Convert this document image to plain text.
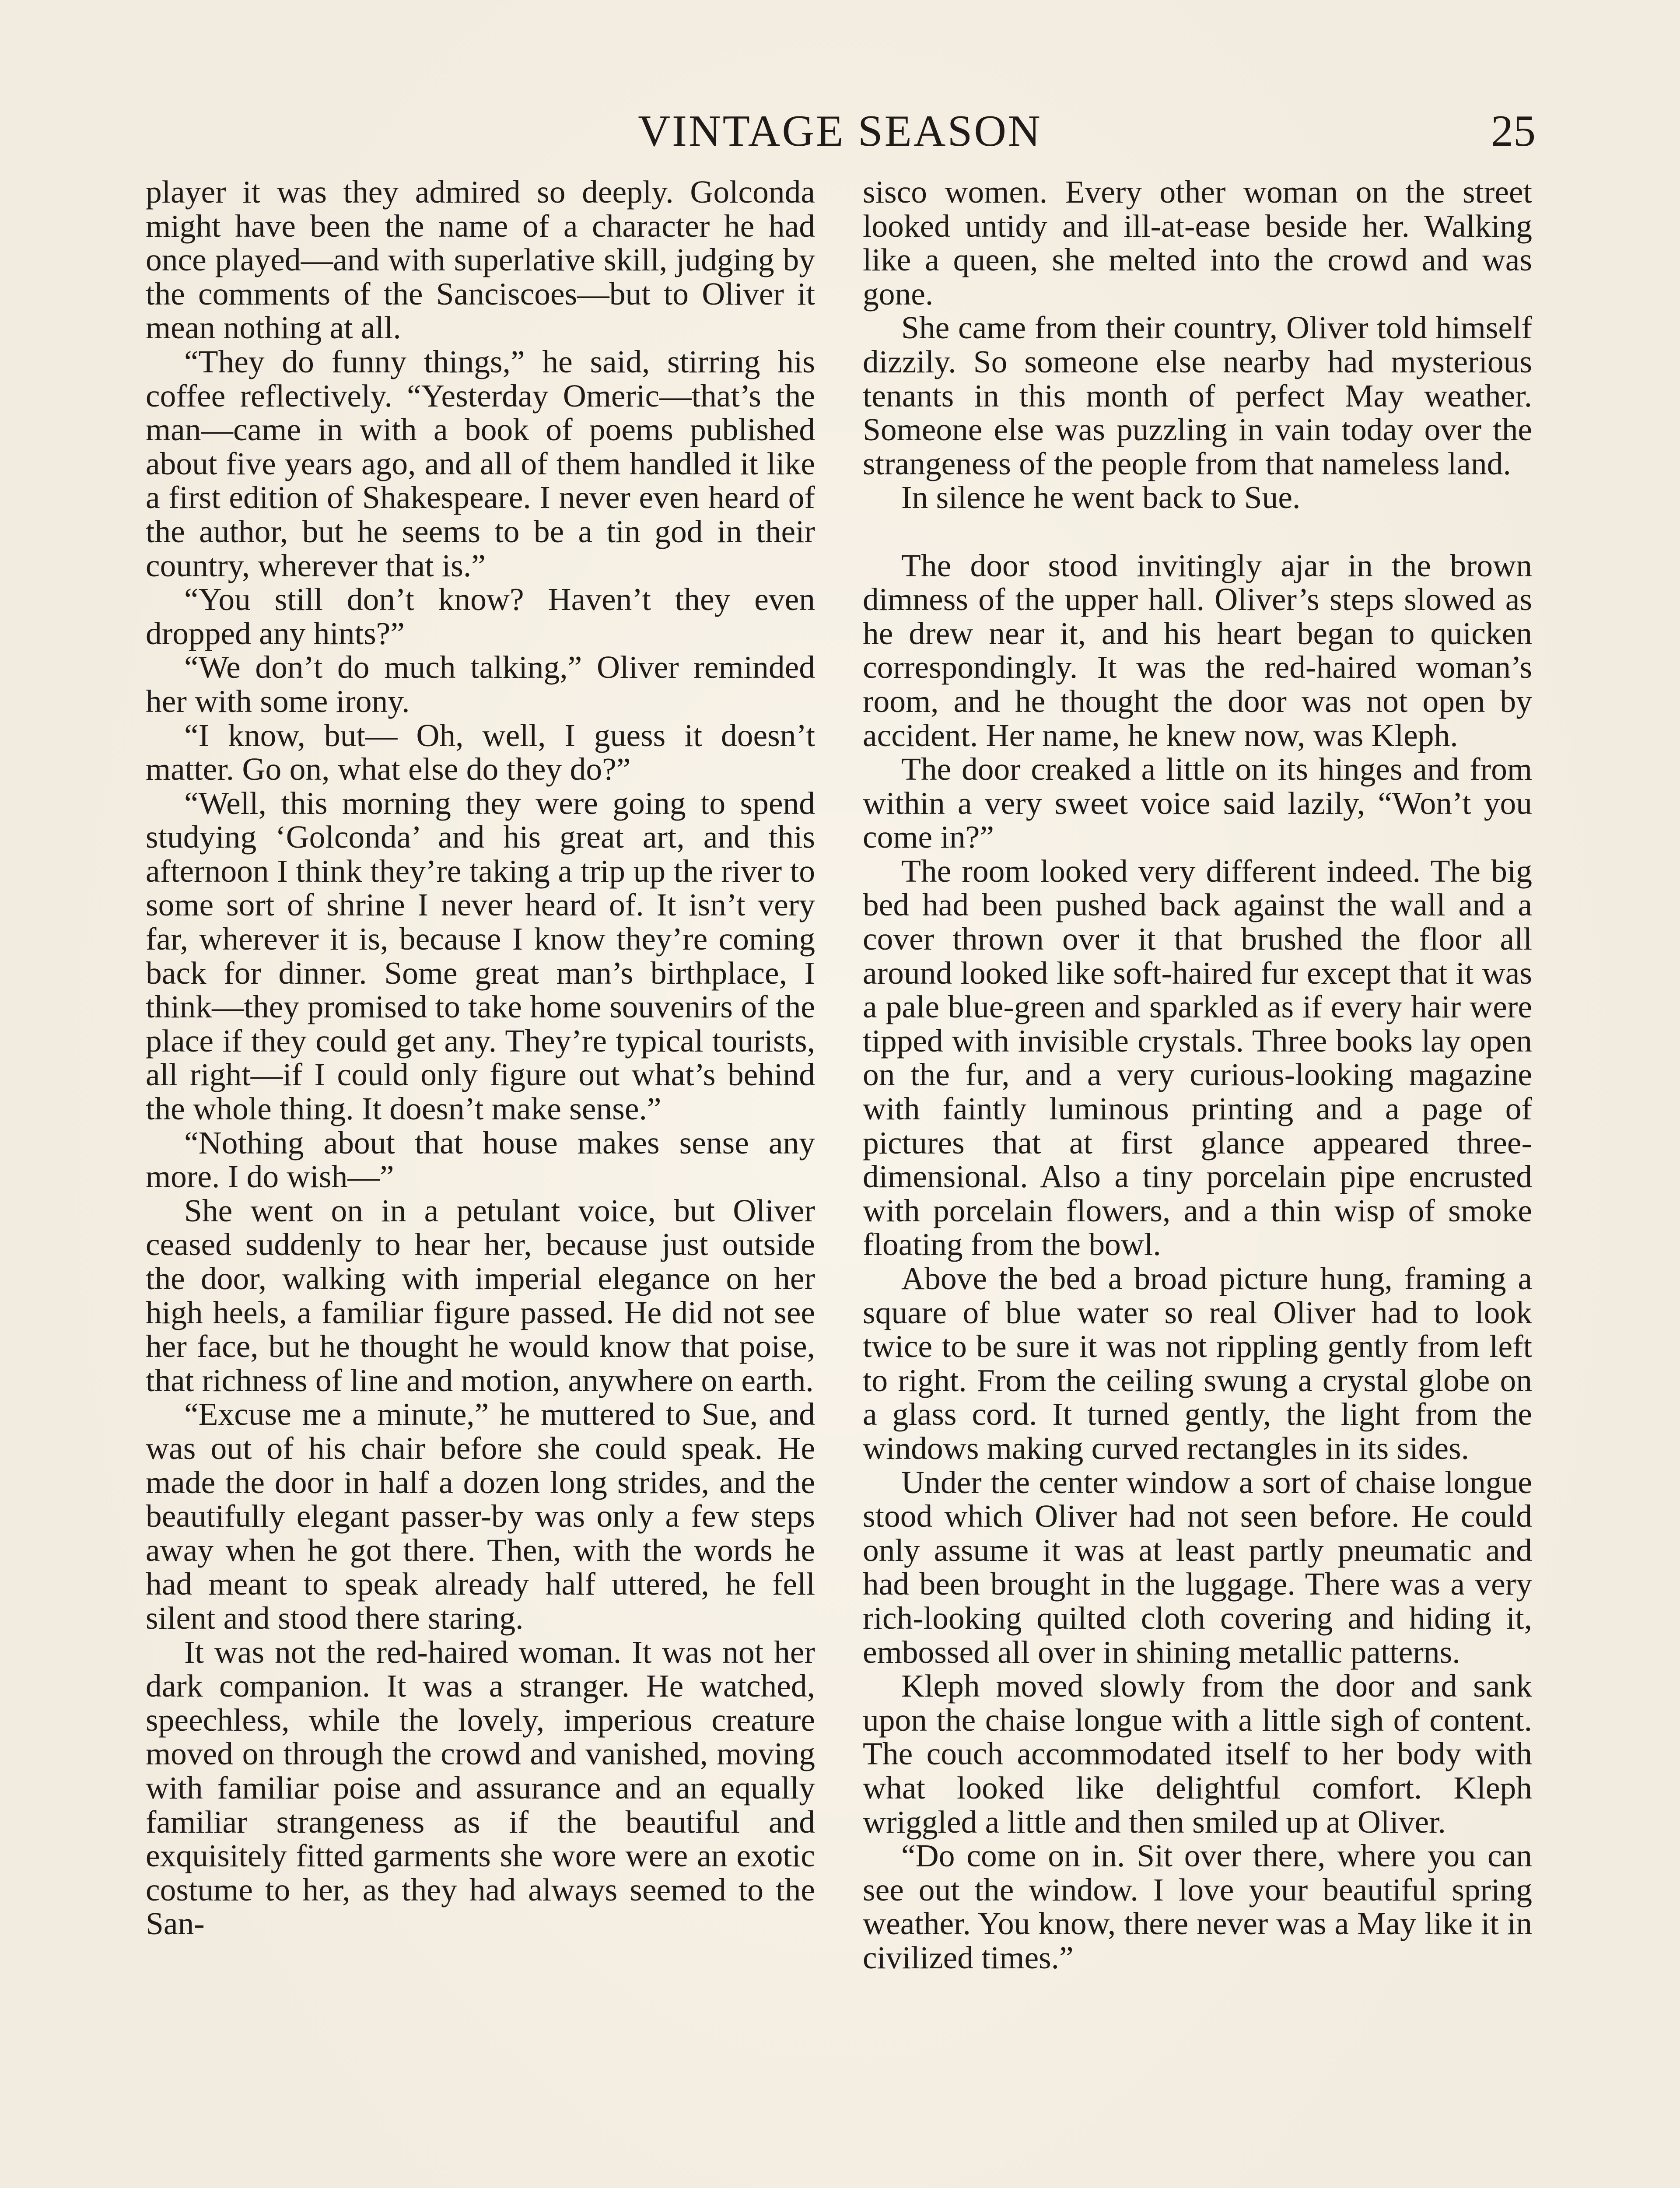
VINTAGE SEASON	25

player it was they admired so deeply. Golconda might have been the name of a character he had once played—and with superlative skill, judging by the comments of the Sanciscoes—but to Oliver it mean nothing at all.

“They do funny things,” he said, stirring his coffee reflectively. “Yesterday Omeric—that’s the man—came in with a book of poems published about five years ago, and all of them handled it like a first edition of Shakespeare. I never even heard of the author, but he seems to be a tin god in their country, wherever that is.”

“You still don’t know? Haven’t they even dropped any hints?”

“We don’t do much talking,” Oliver reminded her with some irony.

“I know, but— Oh, well, I guess it doesn’t matter. Go on, what else do they do?”

“Well, this morning they were going to spend studying ‘Golconda’ and his great art, and this afternoon I think they’re taking a trip up the river to some sort of shrine I never heard of. It isn’t very far, wherever it is, because I know they’re coming back for dinner. Some great man’s birthplace, I think—they promised to take home souvenirs of the place if they could get any. They’re typical tourists, all right—if I could only figure out what’s behind the whole thing. It doesn’t make sense.”

“Nothing about that house makes sense any more. I do wish—”

She went on in a petulant voice, but Oliver ceased suddenly to hear her, because just outside the door, walking with imperial elegance on her high heels, a familiar figure passed. He did not see her face, but he thought he would know that poise, that richness of line and motion, anywhere on earth.

“Excuse me a minute,” he muttered to Sue, and was out of his chair before she could speak. He made the door in half a dozen long strides, and the beautifully elegant passer-by was only a few steps away when he got there. Then, with the words he had meant to speak already half uttered, he fell silent and stood there staring.

It was not the red-haired woman. It was not her dark companion. It was a stranger. He watched, speechless, while the lovely, imperious creature moved on through the crowd and vanished, moving with familiar poise and assurance and an equally familiar strangeness as if the beautiful and exquisitely fitted garments she wore were an exotic costume to her, as they had always seemed to the San-

sisco women. Every other woman on the street looked untidy and ill-at-ease beside her. Walking like a queen, she melted into the crowd and was gone.

She came from their country, Oliver told himself dizzily. So someone else nearby had mysterious tenants in this month of perfect May weather. Someone else was puzzling in vain today over the strangeness of the people from that nameless land.

In silence he went back to Sue.

The door stood invitingly ajar in the brown dimness of the upper hall. Oliver’s steps slowed as he drew near it, and his heart began to quicken correspondingly. It was the red-haired woman’s room, and he thought the door was not open by accident. Her name, he knew now, was Kleph.

The door creaked a little on its hinges and from within a very sweet voice said lazily, “Won’t you come in?”

The room looked very different indeed. The big bed had been pushed back against the wall and a cover thrown over it that brushed the floor all around looked like soft-haired fur except that it was a pale blue-green and sparkled as if every hair were tipped with invisible crystals. Three books lay open on the fur, and a very curious-looking magazine with faintly luminous printing and a page of pictures that at first glance appeared three-dimensional. Also a tiny porcelain pipe encrusted with porcelain flowers, and a thin wisp of smoke floating from the bowl.

Above the bed a broad picture hung, framing a square of blue water so real Oliver had to look twice to be sure it was not rippling gently from left to right. From the ceiling swung a crystal globe on a glass cord. It turned gently, the light from the windows making curved rectangles in its sides.

Under the center window a sort of chaise longue stood which Oliver had not seen before. He could only assume it was at least partly pneumatic and had been brought in the luggage. There was a very rich-looking quilted cloth covering and hiding it, embossed all over in shining metallic patterns.

Kleph moved slowly from the door and sank upon the chaise longue with a little sigh of content. The couch accommodated itself to her body with what looked like delightful comfort. Kleph wriggled a little and then smiled up at Oliver.

“Do come on in. Sit over there, where you can see out the window. I love your beautiful spring weather. You know, there never was a May like it in civilized times.”
